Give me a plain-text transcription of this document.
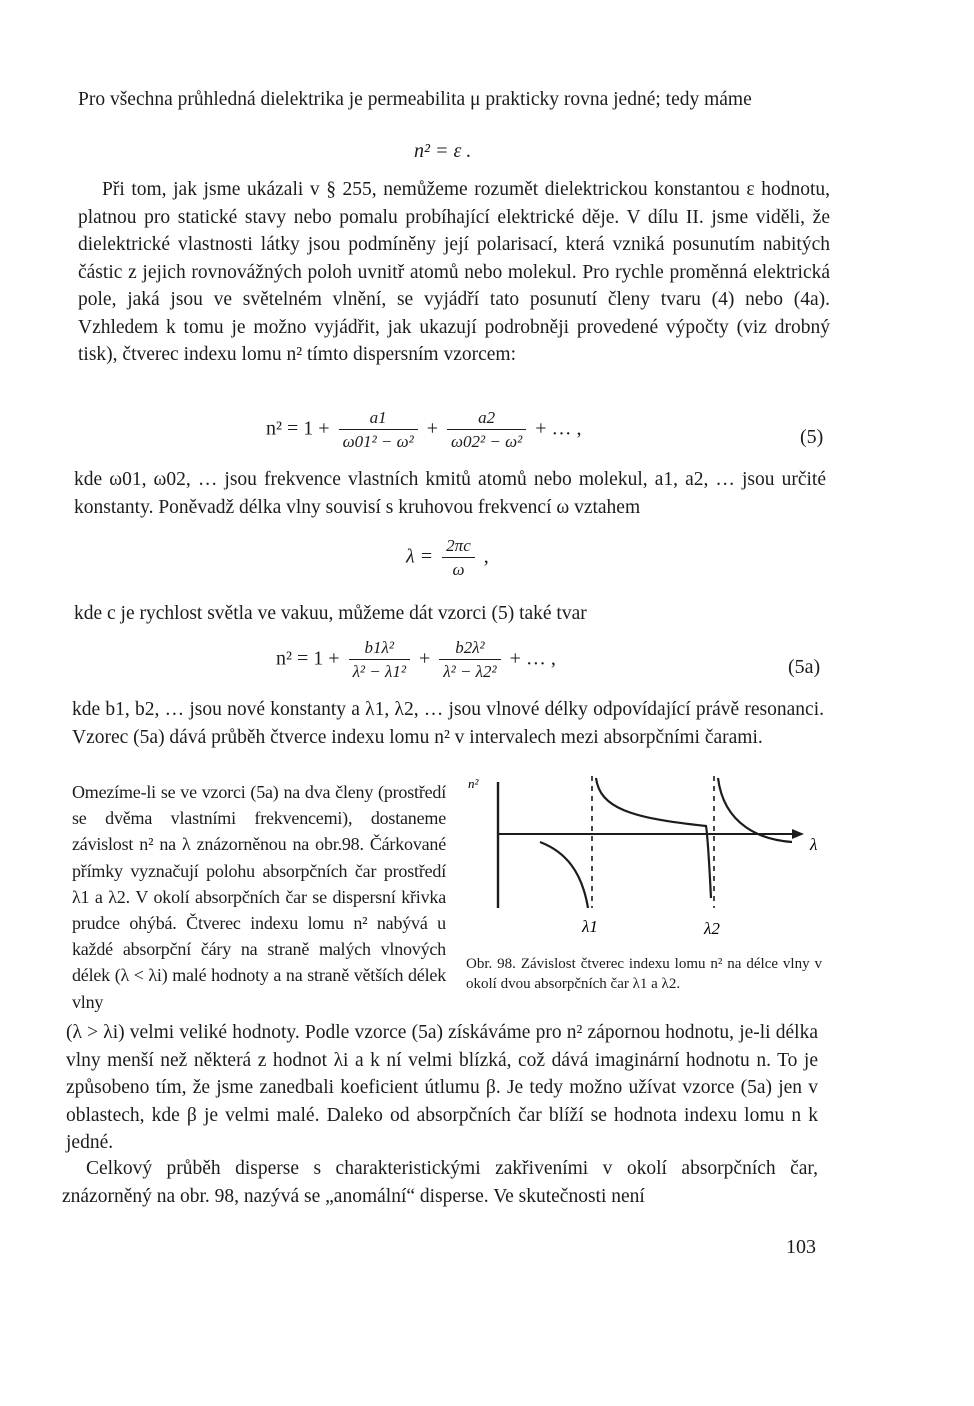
Pro všechna průhledná dielektrika je permeabilita μ prakticky rovna jedné; tedy máme

n² = ε .

Při tom, jak jsme ukázali v § 255, nemůžeme rozumět dielektrickou konstantou ε hodnotu, platnou pro statické stavy nebo pomalu probíhající elektrické děje. V dílu II. jsme viděli, že dielektrické vlastnosti látky jsou podmíněny její polarisací, která vzniká posunutím nabitých částic z jejich rovnovážných poloh uvnitř atomů nebo molekul. Pro rychle proměnná elektrická pole, jaká jsou ve světelném vlnění, se vyjádří tato posunutí členy tvaru (4) nebo (4a). Vzhledem k tomu je možno vyjádřit, jak ukazují podrobněji provedené výpočty (viz drobný tisk), čtverec indexu lomu n² tímto dispersním vzorcem:

$n^2 = 1 + \frac{a1}{\text{ω01² − ω²}} + \frac{a2}{\text{ω02² − ω²}}$ + … ,	(5)

kde ω01, ω02, … jsou frekvence vlastních kmitů atomů nebo molekul, a1, a2, … jsou určité konstanty. Poněvadž délka vlny souvisí s kruhovou frekvencí ω vztahem

$\lambda = \frac{2\pi c}{\omega}$ ,

kde c je rychlost světla ve vakuu, můžeme dát vzorci (5) také tvar

$n^2 = 1 + \frac{\text{b1λ²}}{\text{λ² − λ1²}} + \frac{\text{b2λ²}}{\text{λ² − λ2²}}$ + … ,	(5a)

kde b1, b2, … jsou nové konstanty a λ1, λ2, … jsou vlnové délky odpovídající právě resonanci. Vzorec (5a) dává průběh čtverce indexu lomu n² v intervalech mezi absorpčními čarami.

Omezíme-li se ve vzorci (5a) na dva členy (prostředí se dvěma vlastními frekvencemi), dostaneme závislost n² na λ znázorněnou na obr.98. Čárkované přímky vyznačují polohu absorpčních čar prostředí λ1 a λ2. V okolí absorpčních čar se dispersní křivka prudce ohýbá. Čtverec indexu lomu n² nabývá u každé absorpční čáry na straně malých vlnových délek (λ < λi) malé hodnoty a na straně větších délek vlny

n²
λ
λ1	λ2

Obr. 98. Závislost čtverec indexu lomu n² na délce vlny v okolí dvou absorpčních čar λ1 a λ2.

(λ > λi) velmi veliké hodnoty. Podle vzorce (5a) získáváme pro n² zápornou hodnotu, je-li délka vlny menší než některá z hodnot λi a k ní velmi blízká, což dává imaginární hodnotu n. To je způsobeno tím, že jsme zanedbali koeficient útlumu β. Je tedy možno užívat vzorce (5a) jen v oblastech, kde β je velmi malé. Daleko od absorpčních čar blíží se hodnota indexu lomu n k jedné.

Celkový průběh disperse s charakteristickými zakřiveními v okolí absorpčních čar, znázorněný na obr. 98, nazývá se „anomální“ disperse. Ve skutečnosti není

103
